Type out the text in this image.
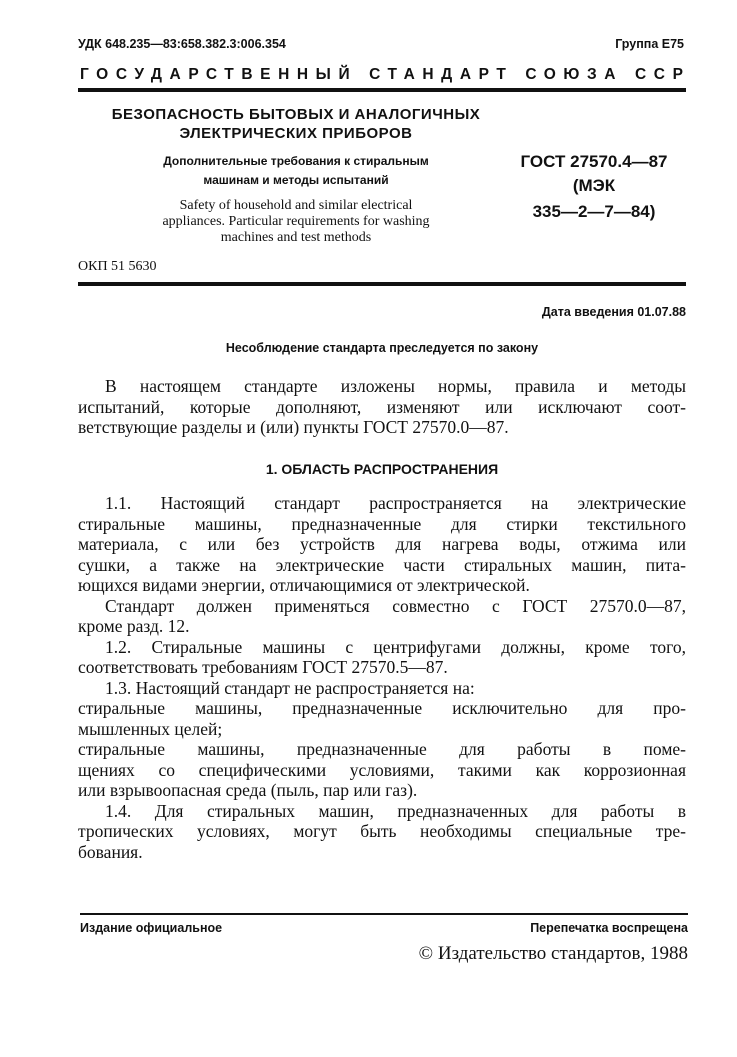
УДК 648.235—83:658.382.3:006.354	Группа Е75
ГОСУДАРСТВЕННЫЙ СТАНДАРТ СОЮЗА ССР
БЕЗОПАСНОСТЬ БЫТОВЫХ И АНАЛОГИЧНЫХ
ЭЛЕКТРИЧЕСКИХ ПРИБОРОВ
Дополнительные требования к стиральным
машинам и методы испытаний
Safety of household and similar electrical
appliances. Particular requirements for washing
machines and test methods
ОКП 51 5630
ГОСТ 27570.4—87
(МЭК
335—2—7—84)
Дата введения 01.07.88
Несоблюдение стандарта преследуется по закону
В настоящем стандарте изложены нормы, правила и методы
испытаний, которые дополняют, изменяют или исключают соот-
ветствующие разделы и (или) пункты ГОСТ 27570.0—87.
1. ОБЛАСТЬ РАСПРОСТРАНЕНИЯ
1.1. Настоящий стандарт распространяется на электрические
стиральные машины, предназначенные для стирки текстильного
материала, с или без устройств для нагрева воды, отжима или
сушки, а также на электрические части стиральных машин, пита-
ющихся видами энергии, отличающимися от электрической.
Стандарт должен применяться совместно с ГОСТ 27570.0—87,
кроме разд. 12.
1.2. Стиральные машины с центрифугами должны, кроме того,
соответствовать требованиям ГОСТ 27570.5—87.
1.3. Настоящий стандарт не распространяется на:
стиральные машины, предназначенные исключительно для про-
мышленных целей;
стиральные машины, предназначенные для работы в поме-
щениях со специфическими условиями, такими как коррозионная
или взрывоопасная среда (пыль, пар или газ).
1.4. Для стиральных машин, предназначенных для работы в
тропических условиях, могут быть необходимы специальные тре-
бования.
Издание официальное	Перепечатка воспрещена
© Издательство стандартов, 1988
